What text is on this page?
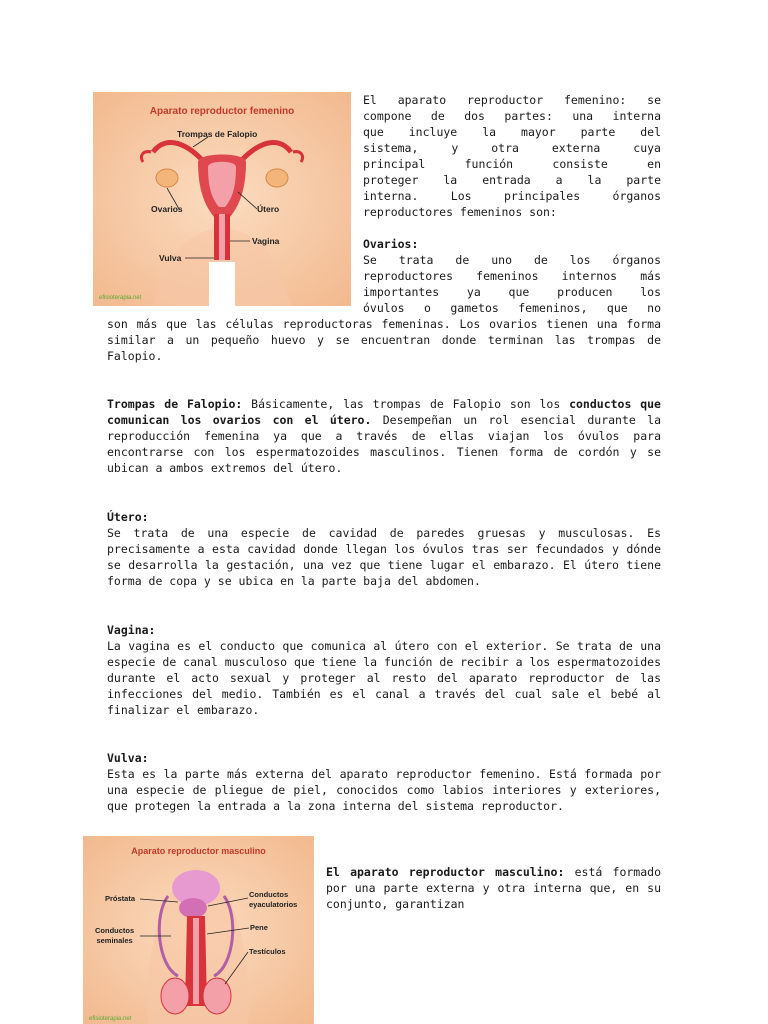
Aparato reproductor femenino
Trompas de Falopio
Ovarios	Útero
Vagina
Vulva
efisioterapia.net
El aparato reproductor femenino: se
compone de dos partes: una interna
que incluye la mayor parte del
sistema, y otra externa cuya
principal función consiste en
proteger la entrada a la parte
interna. Los principales órganos
reproductores femeninos son:

Ovarios:

Se trata de uno de los órganos
reproductores femeninos internos más
importantes ya que producen los
óvulos o gametos femeninos, que no

son más que las células reproductoras femeninas. Los ovarios tienen una forma similar a un pequeño huevo y se encuentran donde terminan las trompas de Falopio.

Trompas de Falopio: Básicamente, las trompas de Falopio son los conductos que comunican los ovarios con el útero. Desempeñan un rol esencial durante la reproducción femenina ya que a través de ellas viajan los óvulos para encontrarse con los espermatozoides masculinos. Tienen forma de cordón y se ubican a ambos extremos del útero.

Útero:

Se trata de una especie de cavidad de paredes gruesas y musculosas. Es precisamente a esta cavidad donde llegan los óvulos tras ser fecundados y dónde se desarrolla la gestación, una vez que tiene lugar el embarazo. El útero tiene forma de copa y se ubica en la parte baja del abdomen.

Vagina:

La vagina es el conducto que comunica al útero con el exterior. Se trata de una especie de canal musculoso que tiene la función de recibir a los espermatozoides durante el acto sexual y proteger al resto del aparato reproductor de las infecciones del medio. También es el canal a través del cual sale el bebé al finalizar el embarazo.

Vulva:

Esta es la parte más externa del aparato reproductor femenino. Está formada por una especie de pliegue de piel, conocidos como labios interiores y exteriores, que protegen la entrada a la zona interna del sistema reproductor.

Aparato reproductor masculino
Próstata	Conductos
eyaculatorios
Conductos
seminales
Pene
Testículos
efisioterapia.net

El aparato reproductor masculino: está formado por una parte externa y otra interna que, en su conjunto, garantizan
